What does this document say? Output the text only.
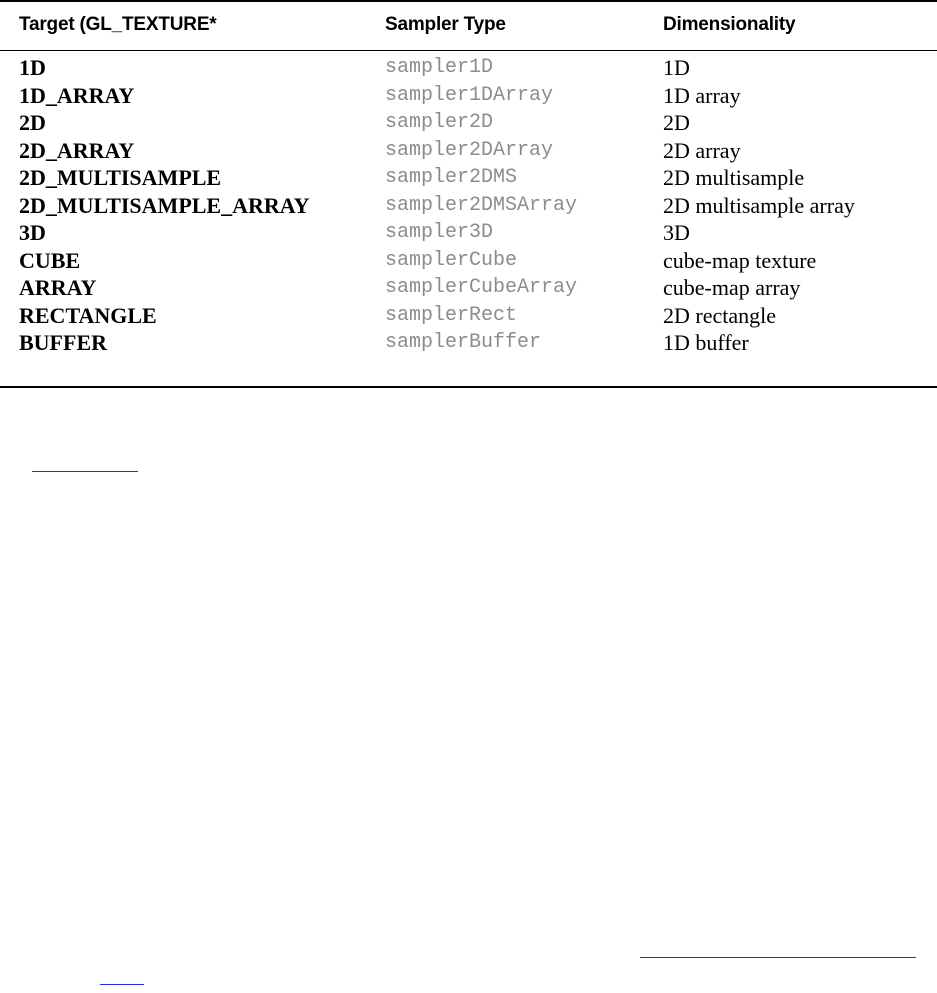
Target (GL_TEXTURE*	Sampler Type	Dimensionality
1D	sampler1D	1D
1D_ARRAY	sampler1DArray	1D array
2D	sampler2D	2D
2D_ARRAY	sampler2DArray	2D array
2D_MULTISAMPLE	sampler2DMS	2D multisample
2D_MULTISAMPLE_ARRAY	sampler2DMSArray	2D multisample array
3D	sampler3D	3D
CUBE	samplerCube	cube-map texture
ARRAY	samplerCubeArray	cube-map array
RECTANGLE	samplerRect	2D rectangle
BUFFER	samplerBuffer	1D buffer
